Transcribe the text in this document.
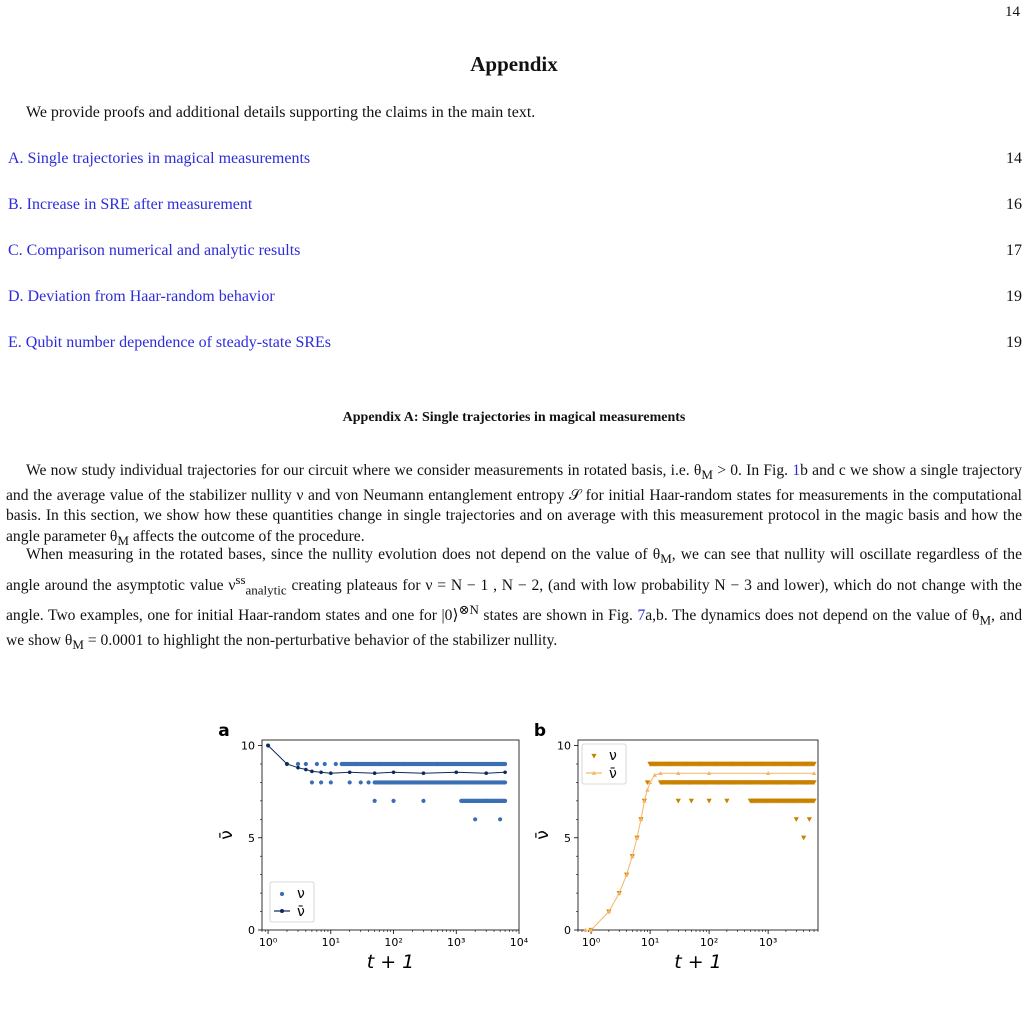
14
Appendix
We provide proofs and additional details supporting the claims in the main text.
A. Single trajectories in magical measurements	14
B. Increase in SRE after measurement	16
C. Comparison numerical and analytic results	17
D. Deviation from Haar-random behavior	19
E. Qubit number dependence of steady-state SREs	19
Appendix A: Single trajectories in magical measurements

We now study individual trajectories for our circuit where we consider measurements in rotated basis, i.e. $\theta_M > 0$. In Fig. 1b and c we show a single trajectory and the average value of the stabilizer nullity ν and von Neumann entanglement entropy 𝒮 for initial Haar-random states for measurements in the computational basis. In this section, we show how these quantities change in single trajectories and on average with this measurement protocol in the magic basis and how the angle parameter $\theta_M$ affects the outcome of the procedure.

When measuring in the rotated bases, since the nullity evolution does not depend on the value of $\theta_M$, we can see that nullity will oscillate regardless of the angle around the asymptotic value $\nu^{ss}_{analytic}$ creating plateaus for ν = N − 1 , N − 2, (and with low probability N − 3 and lower), which do not change with the angle. Two examples, one for initial Haar-random states and one for |0⟩$^{\otimes N}$ states are shown in Fig. 7a,b. The dynamics does not depend on the value of $\theta_M$, and we show $\theta_M = 0.0001$ to highlight the non-perturbative behavior of the stabilizer nullity.

10⁰	10¹	10²	10³	10⁴
0
5
10
t + 1
ν̄
a
ν
ν̄
10⁰	10¹	10²	10³
0
5
10
t + 1
ν̄
b
ν
ν̄
